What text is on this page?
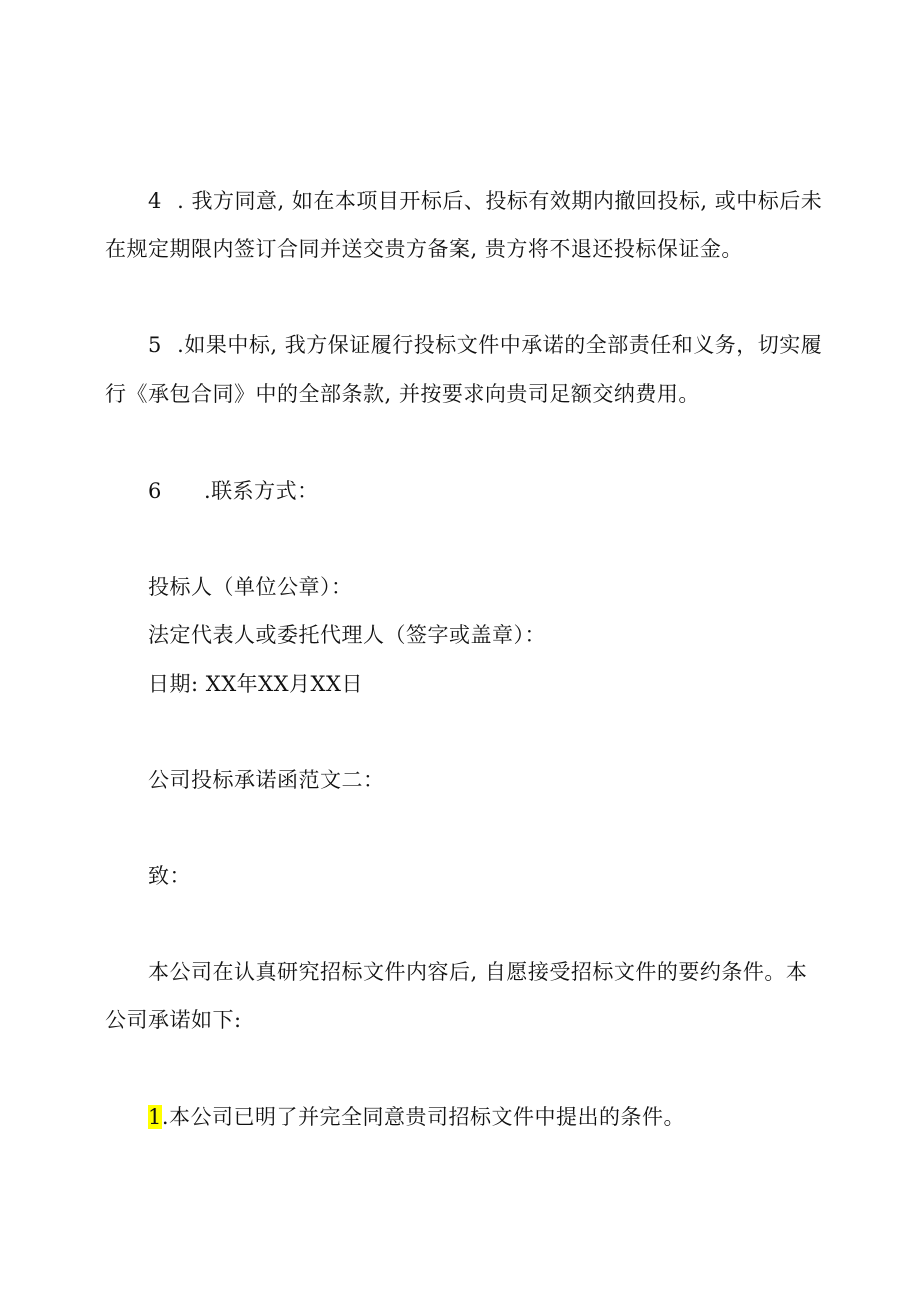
4 . 我方同意, 如在本项目开标后、投标有效期内撤回投标, 或中标后未
在规定期限内签订合同并送交贵方备案, 贵方将不退还投标保证金。
5 .如果中标, 我方保证履行投标文件中承诺的全部责任和义务，切实履
行《承包合同》中的全部条款, 并按要求向贵司足额交纳费用。
6 .联系方式：
投标人（单位公章）：
法定代表人或委托代理人（签字或盖章）：
日期: XX年XX月XX日
公司投标承诺函范文二：
致：
本公司在认真研究招标文件内容后, 自愿接受招标文件的要约条件。本
公司承诺如下:
1.本公司已明了并完全同意贵司招标文件中提出的条件。
